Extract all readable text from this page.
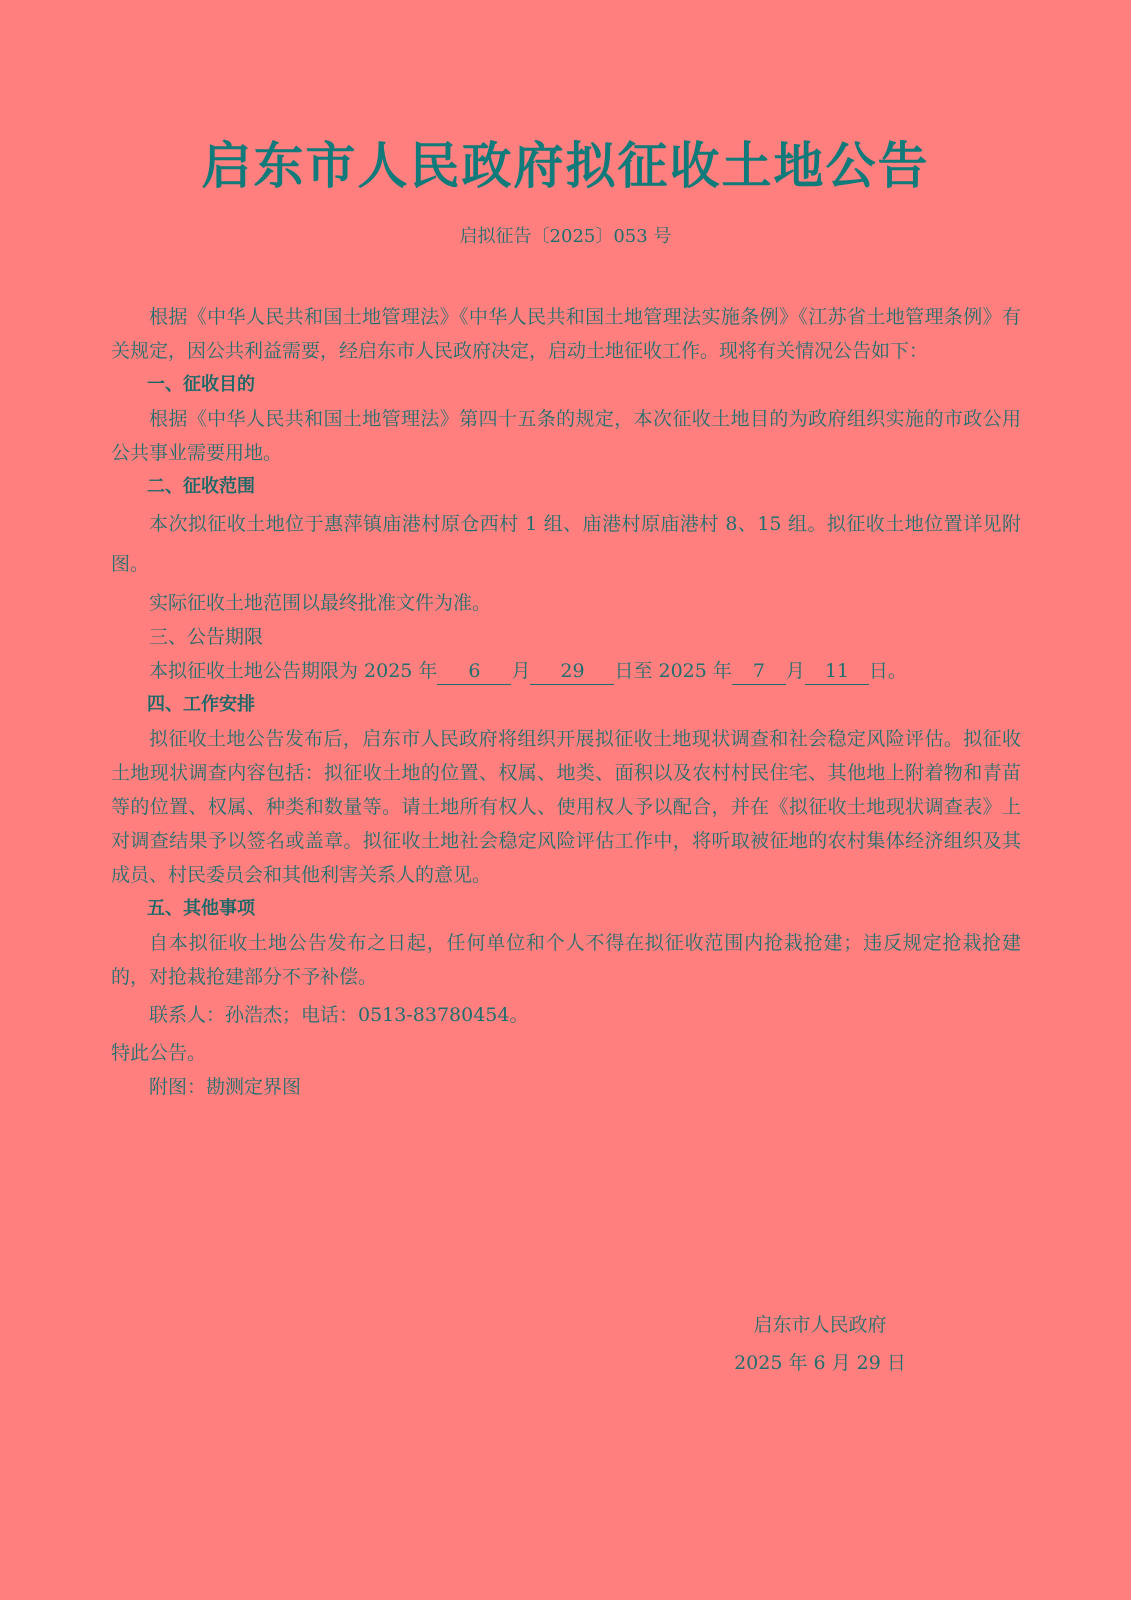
启东市人民政府拟征收土地公告
启拟征告〔2025〕053 号

根据《中华人民共和国土地管理法》《中华人民共和国土地管理法实施条例》《江苏省土地管理条例》有关规定，因公共利益需要，经启东市人民政府决定，启动土地征收工作。现将有关情况公告如下：

一、征收目的

根据《中华人民共和国土地管理法》第四十五条的规定，本次征收土地目的为政府组织实施的市政公用公共事业需要用地。

二、征收范围

本次拟征收土地位于惠萍镇庙港村原仓西村 1 组、庙港村原庙港村 8、15 组。拟征收土地位置详见附图。

实际征收土地范围以最终批准文件为准。

三、公告期限

本拟征收土地公告期限为 2025 年 6 月 29 日至 2025 年 7 月 11 日。

四、工作安排

拟征收土地公告发布后，启东市人民政府将组织开展拟征收土地现状调查和社会稳定风险评估。拟征收土地现状调查内容包括：拟征收土地的位置、权属、地类、面积以及农村村民住宅、其他地上附着物和青苗等的位置、权属、种类和数量等。请土地所有权人、使用权人予以配合，并在《拟征收土地现状调查表》上对调查结果予以签名或盖章。拟征收土地社会稳定风险评估工作中，将听取被征地的农村集体经济组织及其成员、村民委员会和其他利害关系人的意见。

五、其他事项

自本拟征收土地公告发布之日起，任何单位和个人不得在拟征收范围内抢栽抢建；违反规定抢栽抢建的，对抢栽抢建部分不予补偿。

联系人：孙浩杰；电话：0513-83780454。

特此公告。

附图：勘测定界图

启东市人民政府
2025 年 6 月 29 日
